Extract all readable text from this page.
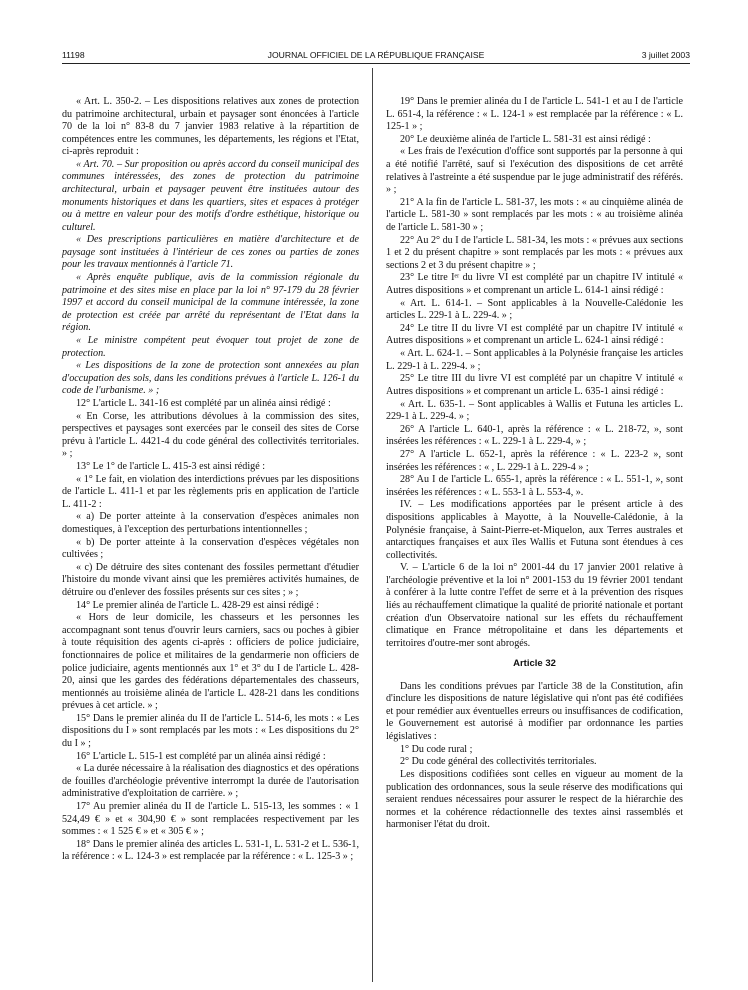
11198	JOURNAL OFFICIEL DE LA RÉPUBLIQUE FRANÇAISE	3 juillet 2003

« Art. L. 350-2. – Les dispositions relatives aux zones de protection du patrimoine architectural, urbain et paysager sont énoncées à l'article 70 de la loi n° 83-8 du 7 janvier 1983 relative à la répartition de compétences entre les communes, les départements, les régions et l'Etat, ci-après reproduit :

« Art. 70. – Sur proposition ou après accord du conseil municipal des communes intéressées, des zones de protection du patrimoine architectural, urbain et paysager peuvent être instituées autour des monuments historiques et dans les quartiers, sites et espaces à protéger ou à mettre en valeur pour des motifs d'ordre esthétique, historique ou culturel.

« Des prescriptions particulières en matière d'architecture et de paysage sont instituées à l'intérieur de ces zones ou parties de zones pour les travaux mentionnés à l'article 71.

« Après enquête publique, avis de la commission régionale du patrimoine et des sites mise en place par la loi n° 97-179 du 28 février 1997 et accord du conseil municipal de la commune intéressée, la zone de protection est créée par arrêté du représentant de l'Etat dans la région.

« Le ministre compétent peut évoquer tout projet de zone de protection.

« Les dispositions de la zone de protection sont annexées au plan d'occupation des sols, dans les conditions prévues à l'article L. 126-1 du code de l'urbanisme. » ;

12° L'article L. 341-16 est complété par un alinéa ainsi rédigé :

« En Corse, les attributions dévolues à la commission des sites, perspectives et paysages sont exercées par le conseil des sites de Corse prévu à l'article L. 4421-4 du code général des collectivités territoriales. » ;

13° Le 1° de l'article L. 415-3 est ainsi rédigé :

« 1° Le fait, en violation des interdictions prévues par les dispositions de l'article L. 411-1 et par les règlements pris en application de l'article L. 411-2 :

« a) De porter atteinte à la conservation d'espèces animales non domestiques, à l'exception des perturbations intentionnelles ;

« b) De porter atteinte à la conservation d'espèces végétales non cultivées ;

« c) De détruire des sites contenant des fossiles permettant d'étudier l'histoire du monde vivant ainsi que les premières activités humaines, de détruire ou d'enlever des fossiles présents sur ces sites ; » ;

14° Le premier alinéa de l'article L. 428-29 est ainsi rédigé :

« Hors de leur domicile, les chasseurs et les personnes les accompagnant sont tenus d'ouvrir leurs carniers, sacs ou poches à gibier à toute réquisition des agents ci-après : officiers de police judiciaire, fonctionnaires de police et militaires de la gendarmerie non officiers de police judiciaire, agents mentionnés aux 1° et 3° du I de l'article L. 428-20, ainsi que les gardes des fédérations départementales des chasseurs, mentionnés au troisième alinéa de l'article L. 428-21 dans les conditions prévues à cet article. » ;

15° Dans le premier alinéa du II de l'article L. 514-6, les mots : « Les dispositions du I » sont remplacés par les mots : « Les dispositions du 2° du I » ;

16° L'article L. 515-1 est complété par un alinéa ainsi rédigé :

« La durée nécessaire à la réalisation des diagnostics et des opérations de fouilles d'archéologie préventive interrompt la durée de l'autorisation administrative d'exploitation de carrière. » ;

17° Au premier alinéa du II de l'article L. 515-13, les sommes : « 1 524,49 € » et « 304,90 € » sont remplacées respectivement par les sommes : « 1 525 € » et « 305 € » ;

18° Dans le premier alinéa des articles L. 531-1, L. 531-2 et L. 536-1, la référence : « L. 124-3 » est remplacée par la référence : « L. 125-3 » ;

19° Dans le premier alinéa du I de l'article L. 541-1 et au I de l'article L. 651-4, la référence : « L. 124-1 » est remplacée par la référence : « L. 125-1 » ;

20° Le deuxième alinéa de l'article L. 581-31 est ainsi rédigé :

« Les frais de l'exécution d'office sont supportés par la personne à qui a été notifié l'arrêté, sauf si l'exécution des dispositions de cet arrêté relatives à l'astreinte a été suspendue par le juge administratif des référés. » ;

21° A la fin de l'article L. 581-37, les mots : « au cinquième alinéa de l'article L. 581-30 » sont remplacés par les mots : « au troisième alinéa de l'article L. 581-30 » ;

22° Au 2° du I de l'article L. 581-34, les mots : « prévues aux sections 1 et 2 du présent chapitre » sont remplacés par les mots : « prévues aux sections 2 et 3 du présent chapitre » ;

23° Le titre Iᵉʳ du livre VI est complété par un chapitre IV intitulé « Autres dispositions » et comprenant un article L. 614-1 ainsi rédigé :

« Art. L. 614-1. – Sont applicables à la Nouvelle-Calédonie les articles L. 229-1 à L. 229-4. » ;

24° Le titre II du livre VI est complété par un chapitre IV intitulé « Autres dispositions » et comprenant un article L. 624-1 ainsi rédigé :

« Art. L. 624-1. – Sont applicables à la Polynésie française les articles L. 229-1 à L. 229-4. » ;

25° Le titre III du livre VI est complété par un chapitre V intitulé « Autres dispositions » et comprenant un article L. 635-1 ainsi rédigé :

« Art. L. 635-1. – Sont applicables à Wallis et Futuna les articles L. 229-1 à L. 229-4. » ;

26° A l'article L. 640-1, après la référence : « L. 218-72, », sont insérées les références : « L. 229-1 à L. 229-4, » ;

27° A l'article L. 652-1, après la référence : « L. 223-2 », sont insérées les références : « , L. 229-1 à L. 229-4 » ;

28° Au I de l'article L. 655-1, après la référence : « L. 551-1, », sont insérées les références : « L. 553-1 à L. 553-4, ».

IV. – Les modifications apportées par le présent article à des dispositions applicables à Mayotte, à la Nouvelle-Calédonie, à la Polynésie française, à Saint-Pierre-et-Miquelon, aux Terres australes et antarctiques françaises et aux îles Wallis et Futuna sont étendues à ces collectivités.

V. – L'article 6 de la loi n° 2001-44 du 17 janvier 2001 relative à l'archéologie préventive et la loi n° 2001-153 du 19 février 2001 tendant à conférer à la lutte contre l'effet de serre et à la prévention des risques liés au réchauffement climatique la qualité de priorité nationale et portant création d'un Observatoire national sur les effets du réchauffement climatique en France métropolitaine et dans les départements et territoires d'outre-mer sont abrogés.

Article 32

Dans les conditions prévues par l'article 38 de la Constitution, afin d'inclure les dispositions de nature législative qui n'ont pas été codifiées et pour remédier aux éventuelles erreurs ou insuffisances de codification, le Gouvernement est autorisé à modifier par ordonnance les parties législatives :

1° Du code rural ;

2° Du code général des collectivités territoriales.

Les dispositions codifiées sont celles en vigueur au moment de la publication des ordonnances, sous la seule réserve des modifications qui seraient rendues nécessaires pour assurer le respect de la hiérarchie des normes et la cohérence rédactionnelle des textes ainsi rassemblés et harmoniser l'état du droit.
